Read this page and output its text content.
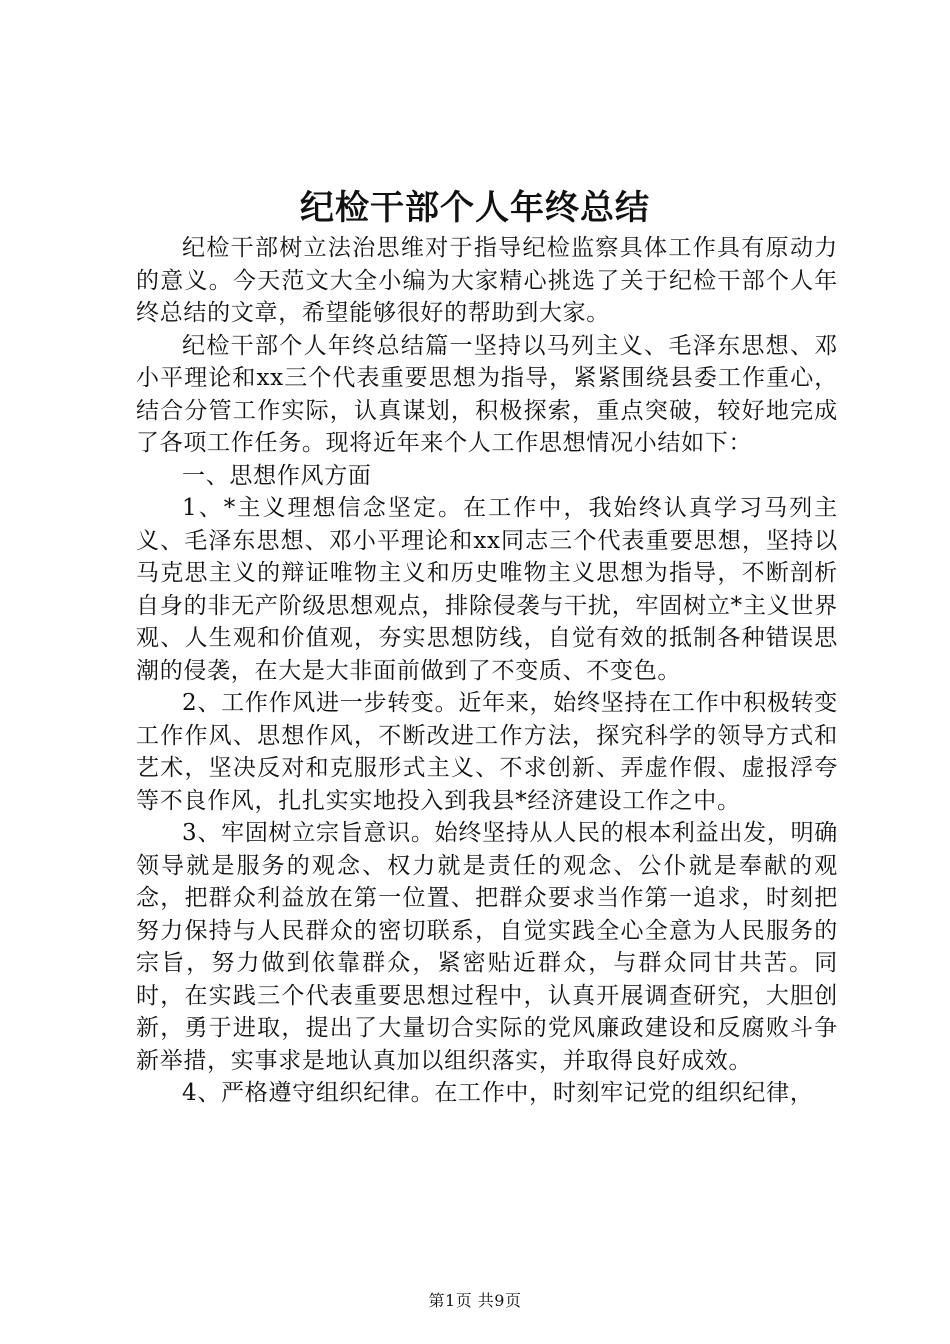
纪检干部个人年终总结

纪检干部树立法治思维对于指导纪检监察具体工作具有原动力的意义。今天范文大全小编为大家精心挑选了关于纪检干部个人年终总结的文章，希望能够很好的帮助到大家。

纪检干部个人年终总结篇一坚持以马列主义、毛泽东思想、邓小平理论和xx三个代表重要思想为指导，紧紧围绕县委工作重心，结合分管工作实际，认真谋划，积极探索，重点突破，较好地完成了各项工作任务。现将近年来个人工作思想情况小结如下：

一、思想作风方面

1、*主义理想信念坚定。在工作中，我始终认真学习马列主义、毛泽东思想、邓小平理论和xx同志三个代表重要思想，坚持以马克思主义的辩证唯物主义和历史唯物主义思想为指导，不断剖析自身的非无产阶级思想观点，排除侵袭与干扰，牢固树立*主义世界观、人生观和价值观，夯实思想防线，自觉有效的抵制各种错误思潮的侵袭，在大是大非面前做到了不变质、不变色。

2、工作作风进一步转变。近年来，始终坚持在工作中积极转变工作作风、思想作风，不断改进工作方法，探究科学的领导方式和艺术，坚决反对和克服形式主义、不求创新、弄虚作假、虚报浮夸等不良作风，扎扎实实地投入到我县*经济建设工作之中。

3、牢固树立宗旨意识。始终坚持从人民的根本利益出发，明确领导就是服务的观念、权力就是责任的观念、公仆就是奉献的观念，把群众利益放在第一位置、把群众要求当作第一追求，时刻把努力保持与人民群众的密切联系，自觉实践全心全意为人民服务的宗旨，努力做到依靠群众，紧密贴近群众，与群众同甘共苦。同时，在实践三个代表重要思想过程中，认真开展调查研究，大胆创新，勇于进取，提出了大量切合实际的党风廉政建设和反腐败斗争新举措，实事求是地认真加以组织落实，并取得良好成效。

4、严格遵守组织纪律。在工作中，时刻牢记党的组织纪律，

第1页 共9页
